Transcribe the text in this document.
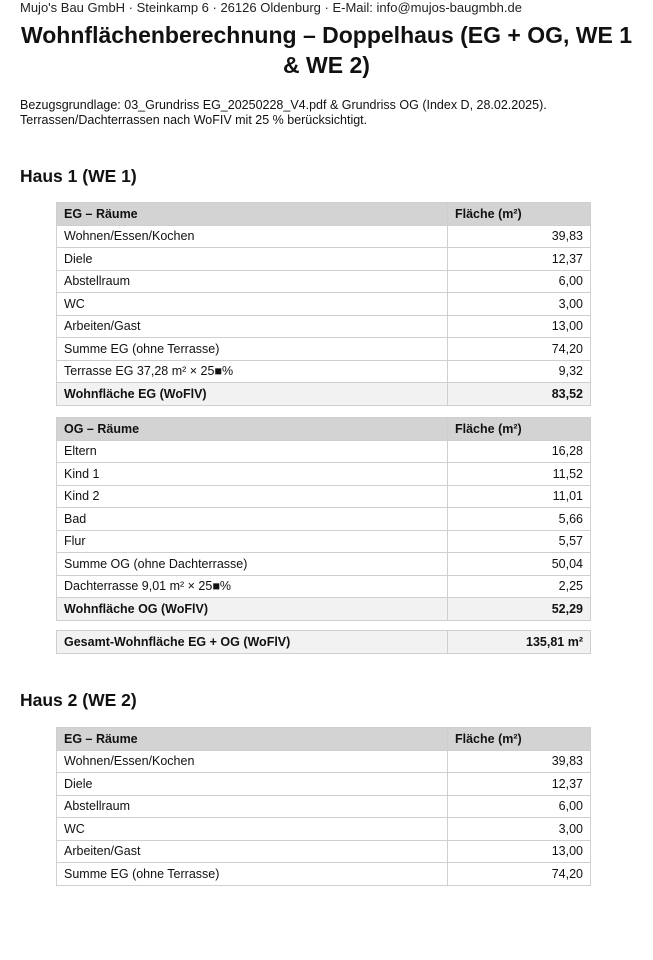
Mujo's Bau GmbH · Steinkamp 6 · 26126 Oldenburg · E-Mail: info@mujos-baugmbh.de
Wohnflächenberechnung – Doppelhaus (EG + OG, WE 1 & WE 2)
Bezugsgrundlage: 03_Grundriss EG_20250228_V4.pdf & Grundriss OG (Index D, 28.02.2025).
Terrassen/Dachterrassen nach WoFIV mit 25 % berücksichtigt.
Haus 1 (WE 1)
EG – Räume	Fläche (m²)
Wohnen/Essen/Kochen	39,83
Diele	12,37
Abstellraum	6,00
WC	3,00
Arbeiten/Gast	13,00
Summe EG (ohne Terrasse)	74,20
Terrasse EG 37,28 m² × 25■%	9,32
Wohnfläche EG (WoFlV)	83,52
OG – Räume	Fläche (m²)
Eltern	16,28
Kind 1	11,52
Kind 2	11,01
Bad	5,66
Flur	5,57
Summe OG (ohne Dachterrasse)	50,04
Dachterrasse 9,01 m² × 25■%	2,25
Wohnfläche OG (WoFlV)	52,29
Gesamt-Wohnfläche EG + OG (WoFlV)	135,81 m²
Haus 2 (WE 2)
EG – Räume	Fläche (m²)
Wohnen/Essen/Kochen	39,83
Diele	12,37
Abstellraum	6,00
WC	3,00
Arbeiten/Gast	13,00
Summe EG (ohne Terrasse)	74,20
